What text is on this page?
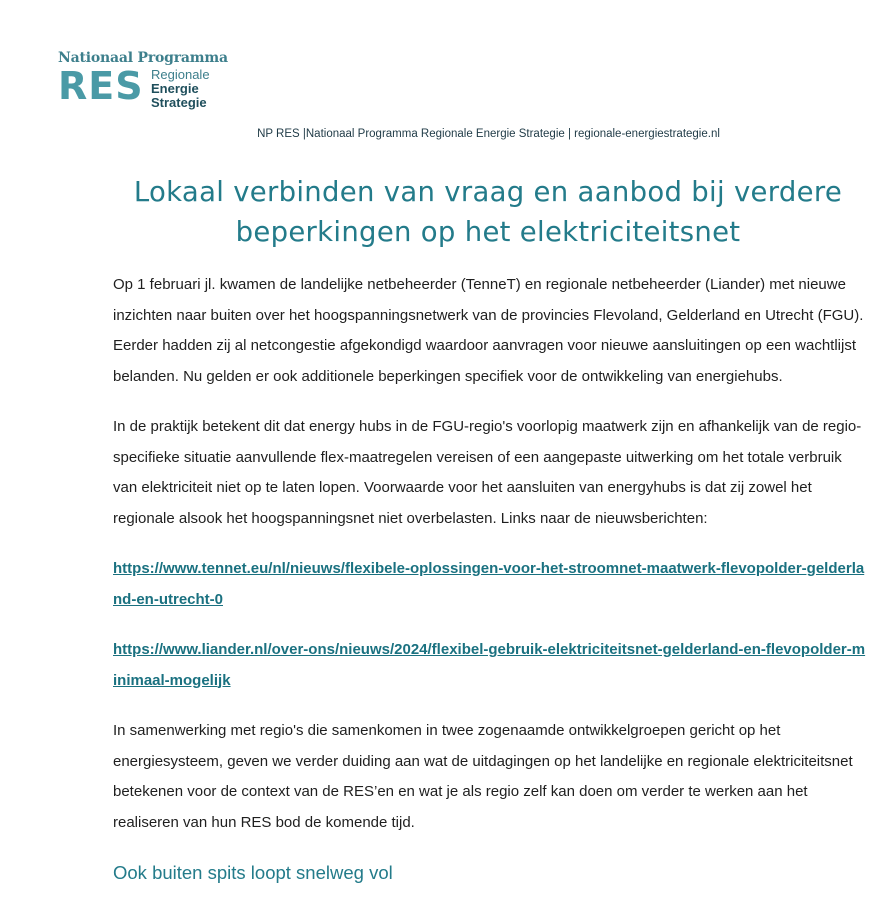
Nationaal Programma
RES Regionale
Energie
Strategie
NP RES |Nationaal Programma Regionale Energie Strategie | regionale-energiestrategie.nl
Lokaal verbinden van vraag en aanbod bij verdere
beperkingen op het elektriciteitsnet

Op 1 februari jl. kwamen de landelijke netbeheerder (TenneT) en regionale netbeheerder (Liander) met nieuwe inzichten naar buiten over het hoogspanningsnetwerk van de provincies Flevoland, Gelderland en Utrecht (FGU). Eerder hadden zij al netcongestie afgekondigd waardoor aanvragen voor nieuwe aansluitingen op een wachtlijst belanden. Nu gelden er ook additionele beperkingen specifiek voor de ontwikkeling van energiehubs.

In de praktijk betekent dit dat energy hubs in de FGU-regio's voorlopig maatwerk zijn en afhankelijk van de regio-specifieke situatie aanvullende flex-maatregelen vereisen of een aangepaste uitwerking om het totale verbruik van elektriciteit niet op te laten lopen. Voorwaarde voor het aansluiten van energyhubs is dat zij zowel het regionale alsook het hoogspanningsnet niet overbelasten. Links naar de nieuwsberichten:

https://www.tennet.eu/nl/nieuws/flexibele-oplossingen-voor-het-stroomnet-maatwerk-flevopolder-gelderland-en-utrecht-0

https://www.liander.nl/over-ons/nieuws/2024/flexibel-gebruik-elektriciteitsnet-gelderland-en-flevopolder-minimaal-mogelijk

In samenwerking met regio's die samenkomen in twee zogenaamde ontwikkelgroepen gericht op het energiesysteem, geven we verder duiding aan wat de uitdagingen op het landelijke en regionale elektriciteitsnet betekenen voor de context van de RES’en en wat je als regio zelf kan doen om verder te werken aan het realiseren van hun RES bod de komende tijd.

Ook buiten spits loopt snelweg vol
